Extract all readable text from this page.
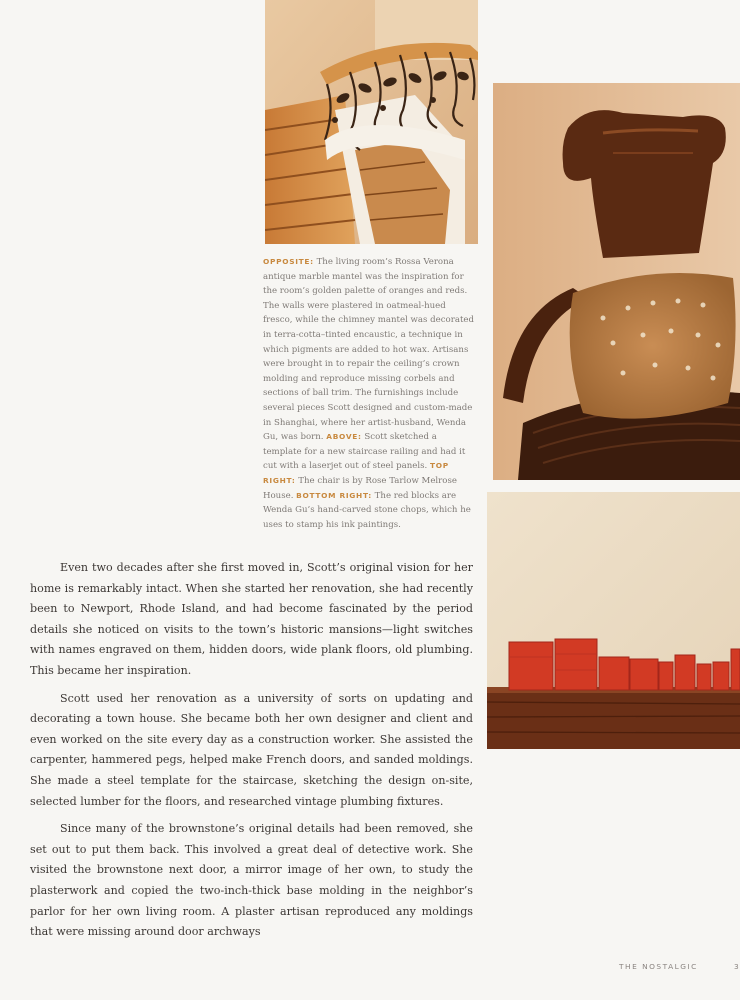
OPPOSITE: The living room’s Rossa Verona antique marble mantel was the inspiration for the room’s golden palette of oranges and reds. The walls were plastered in oatmeal-hued fresco, while the chimney mantel was decorated in terra-cotta–tinted encaustic, a technique in which pigments are added to hot wax. Artisans were brought in to repair the ceiling’s crown molding and reproduce missing corbels and sections of ball trim. The furnishings include several pieces Scott designed and custom-made in Shanghai, where her artist-husband, Wenda Gu, was born. ABOVE: Scott sketched a template for a new staircase railing and had it cut with a laserjet out of steel panels. TOP RIGHT: The chair is by Rose Tarlow Melrose House. BOTTOM RIGHT: The red blocks are Wenda Gu’s hand-carved stone chops, which he uses to stamp his ink paintings.

Even two decades after she first moved in, Scott’s original vision for her home is remarkably intact. When she started her renovation, she had recently been to Newport, Rhode Island, and had become fascinated by the period details she noticed on visits to the town’s historic mansions—light switches with names engraved on them, hidden doors, wide plank floors, old plumbing. This became her inspiration.

Scott used her renovation as a university of sorts on updating and decorating a town house. She became both her own designer and client and even worked on the site every day as a construction worker. She assisted the carpenter, hammered pegs, helped make French doors, and sanded moldings. She made a steel template for the staircase, sketching the design on-site, selected lumber for the floors, and researched vintage plumbing fixtures.

Since many of the brownstone’s original details had been removed, she set out to put them back. This involved a great deal of detective work. She visited the brownstone next door, a mirror image of her own, to study the plasterwork and copied the two-inch-thick base molding in the neighbor’s parlor for her own living room. A plaster artisan reproduced any moldings that were missing around door archways

THE NOSTALGIC	3
